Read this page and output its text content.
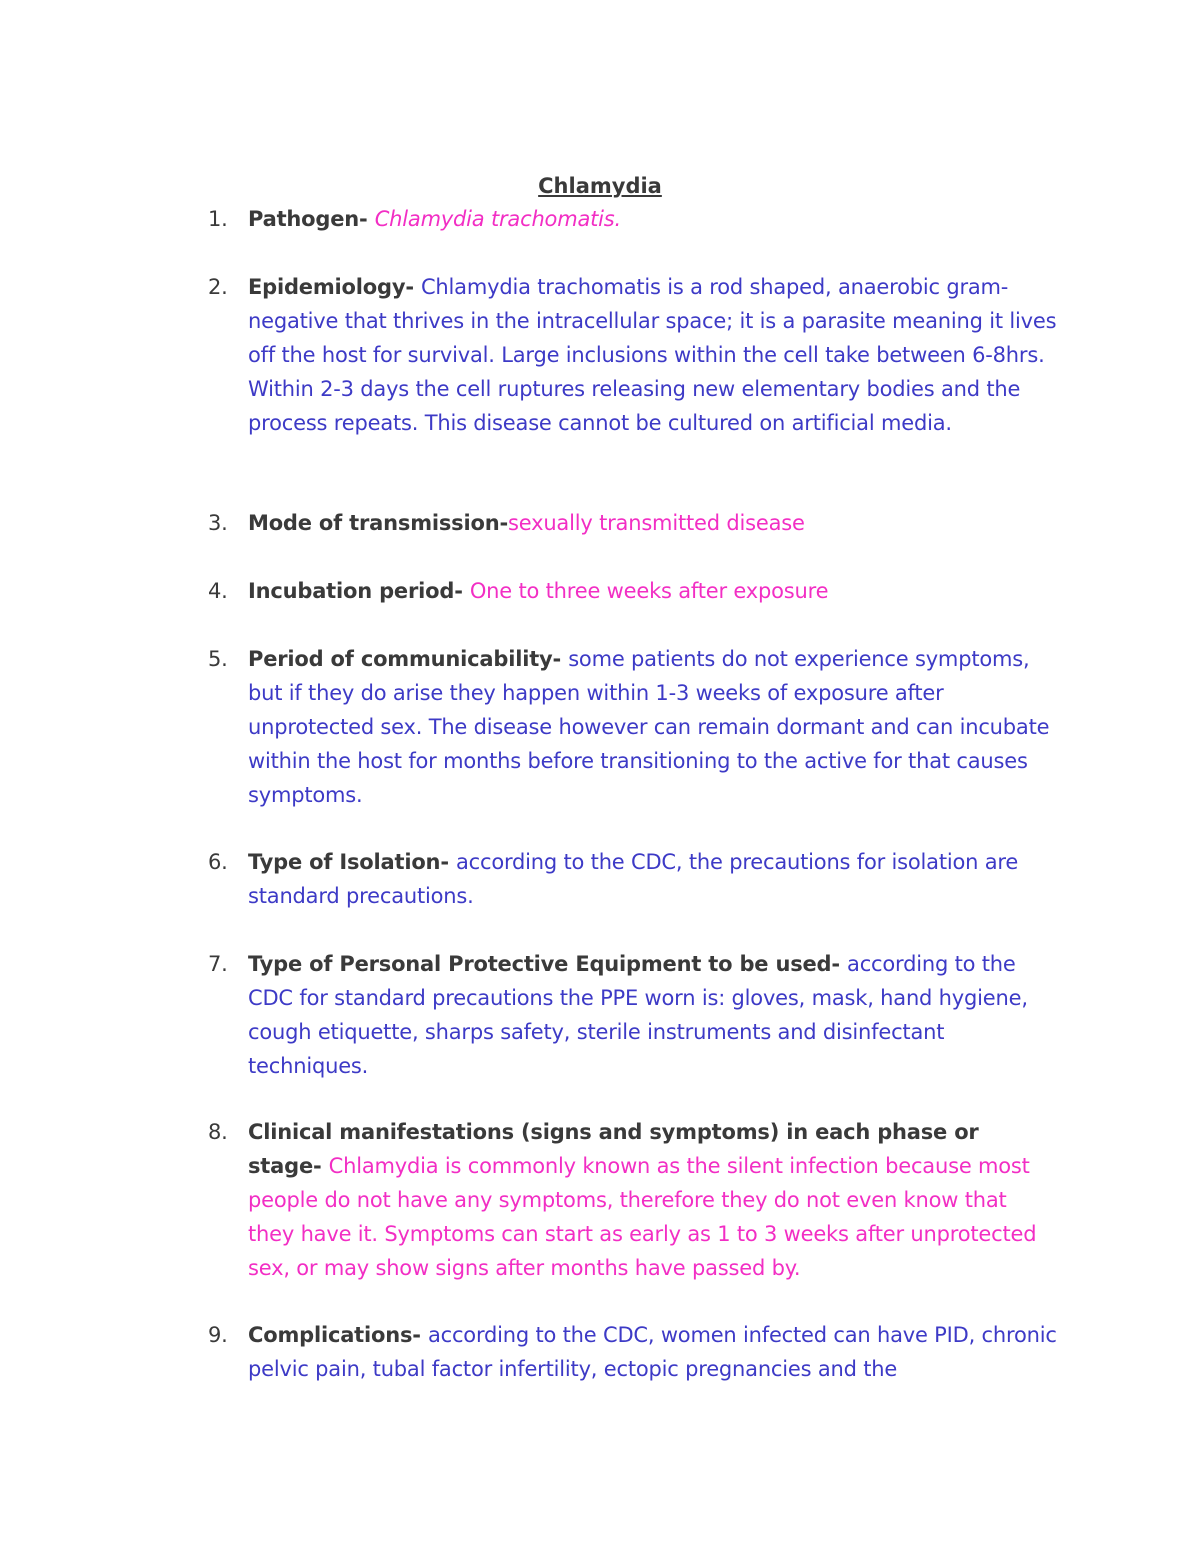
Chlamydia
1. Pathogen- Chlamydia trachomatis.
2. Epidemiology- Chlamydia trachomatis is a rod shaped, anaerobic gram-negative that thrives in the intracellular space; it is a parasite meaning it lives off the host for survival. Large inclusions within the cell take between 6-8hrs. Within 2-3 days the cell ruptures releasing new elementary bodies and the process repeats. This disease cannot be cultured on artificial media.
3. Mode of transmission-sexually transmitted disease
4. Incubation period- One to three weeks after exposure
5. Period of communicability- some patients do not experience symptoms, but if they do arise they happen within 1-3 weeks of exposure after unprotected sex. The disease however can remain dormant and can incubate within the host for months before transitioning to the active for that causes symptoms.
6. Type of Isolation- according to the CDC, the precautions for isolation are standard precautions.
7. Type of Personal Protective Equipment to be used- according to the CDC for standard precautions the PPE worn is: gloves, mask, hand hygiene, cough etiquette, sharps safety, sterile instruments and disinfectant techniques.
8. Clinical manifestations (signs and symptoms) in each phase or stage- Chlamydia is commonly known as the silent infection because most people do not have any symptoms, therefore they do not even know that they have it. Symptoms can start as early as 1 to 3 weeks after unprotected sex, or may show signs after months have passed by.
9. Complications- according to the CDC, women infected can have PID, chronic pelvic pain, tubal factor infertility, ectopic pregnancies and the
